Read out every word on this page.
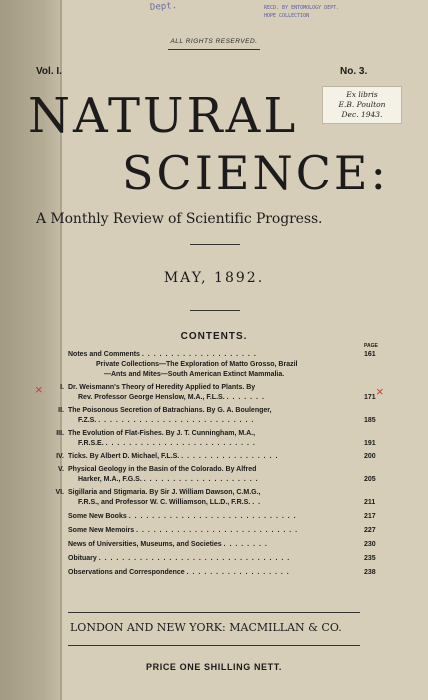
Dept.	RECD. BY ENTOMOLOGY DEPT. HOPE COLLECTION
ALL RIGHTS RESERVED.
Vol. I.	No. 3.
Ex libris
E.B. Poulton
Dec. 1943.
NATURAL
SCIENCE:
A Monthly Review of Scientific Progress.
MAY, 1892.
CONTENTS.
PAGE
Notes and Comments . . . . . . . . . . . . . . . . . . . .	161
Private Collections—The Exploration of Matto Grosso, Brazil
—Ants and Mites—South American Extinct Mammalia.
I. Dr. Weismann's Theory of Heredity Applied to Plants. By
Rev. Professor George Henslow, M.A., F.L.S. . . . . . . .	171
II. The Poisonous Secretion of Batrachians. By G. A. Boulenger,
F.Z.S. . . . . . . . . . . . . . . . . . . . . . . . . . . .	185
III. The Evolution of Flat-Fishes. By J. T. Cunningham, M.A.,
F.R.S.E. . . . . . . . . . . . . . . . . . . . . . . . . . .	191
IV. Ticks. By Albert D. Michael, F.L.S. . . . . . . . . . . . . . . . . .	200
V. Physical Geology in the Basin of the Colorado. By Alfred
Harker, M.A., F.G.S. . . . . . . . . . . . . . . . . . . . .	205
VI. Sigillaria and Stigmaria. By Sir J. William Dawson, C.M.G.,
F.R.S., and Professor W. C. Williamson, LL.D., F.R.S. . .	211
Some New Books . . . . . . . . . . . . . . . . . . . . . . . . . . . . .	217
Some New Memoirs . . . . . . . . . . . . . . . . . . . . . . . . . . . .	227
News of Universities, Museums, and Societies . . . . . . . .	230
Obituary . . . . . . . . . . . . . . . . . . . . . . . . . . . . . . . . .	235
Observations and Correspondence . . . . . . . . . . . . . . . . . .	238
×	×
LONDON AND NEW YORK: MACMILLAN & CO.
PRICE ONE SHILLING NETT.
